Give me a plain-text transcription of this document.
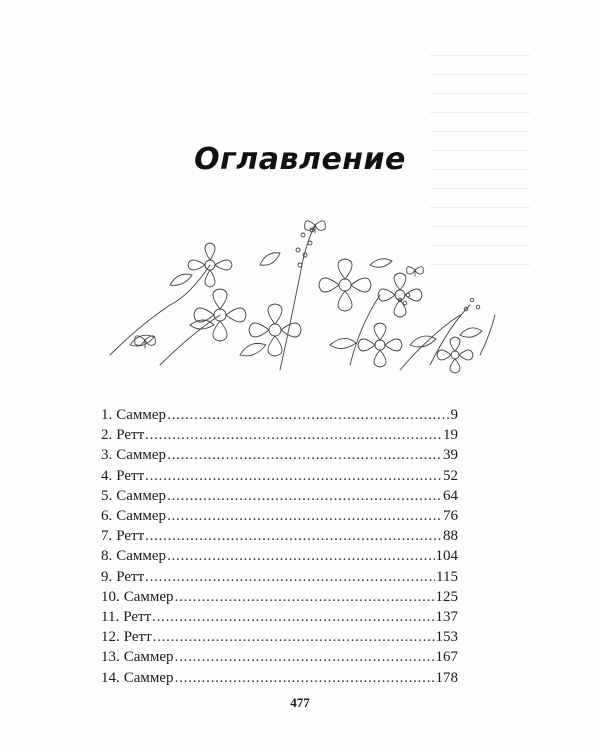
Оглавление
1. Саммер . . .	9
2. Ретт . . .	19
3. Саммер . . .	39
4. Ретт . . .	52
5. Саммер . . .	64
6. Саммер . . .	76
7. Ретт . . .	88
8. Саммер . . .	104
9. Ретт . . .	115
10. Саммер . . .	125
11. Ретт . . .	137
12. Ретт . . .	153
13. Саммер . . .	167
14. Саммер . . .	178
477
